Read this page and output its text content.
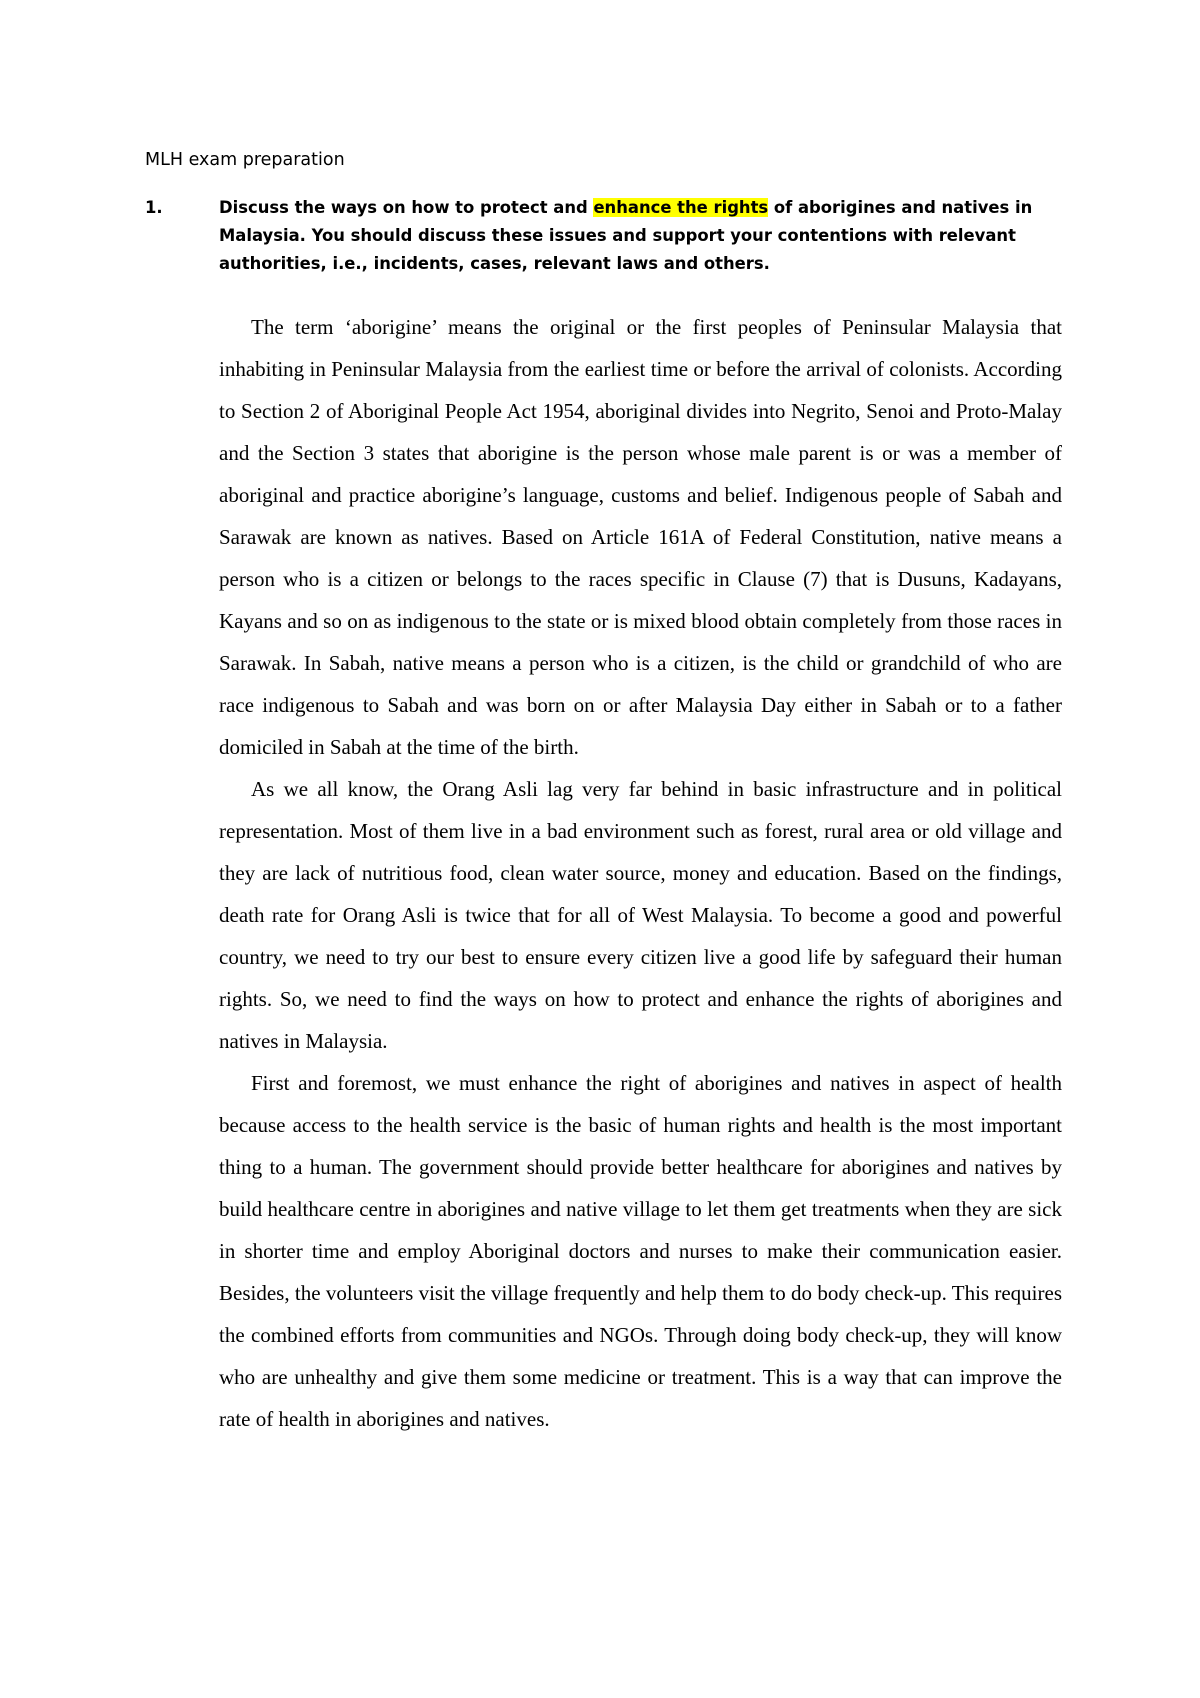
MLH exam preparation
1.	Discuss the ways on how to protect and enhance the rights of aborigines and natives in Malaysia. You should discuss these issues and support your contentions with relevant authorities, i.e., incidents, cases, relevant laws and others.

The term ‘aborigine’ means the original or the first peoples of Peninsular Malaysia that inhabiting in Peninsular Malaysia from the earliest time or before the arrival of colonists. According to Section 2 of Aboriginal People Act 1954, aboriginal divides into Negrito, Senoi and Proto-Malay and the Section 3 states that aborigine is the person whose male parent is or was a member of aboriginal and practice aborigine’s language, customs and belief. Indigenous people of Sabah and Sarawak are known as natives. Based on Article 161A of Federal Constitution, native means a person who is a citizen or belongs to the races specific in Clause (7) that is Dusuns, Kadayans, Kayans and so on as indigenous to the state or is mixed blood obtain completely from those races in Sarawak. In Sabah, native means a person who is a citizen, is the child or grandchild of who are race indigenous to Sabah and was born on or after Malaysia Day either in Sabah or to a father domiciled in Sabah at the time of the birth.

As we all know, the Orang Asli lag very far behind in basic infrastructure and in political representation. Most of them live in a bad environment such as forest, rural area or old village and they are lack of nutritious food, clean water source, money and education. Based on the findings, death rate for Orang Asli is twice that for all of West Malaysia. To become a good and powerful country, we need to try our best to ensure every citizen live a good life by safeguard their human rights. So, we need to find the ways on how to protect and enhance the rights of aborigines and natives in Malaysia.

First and foremost, we must enhance the right of aborigines and natives in aspect of health because access to the health service is the basic of human rights and health is the most important thing to a human. The government should provide better healthcare for aborigines and natives by build healthcare centre in aborigines and native village to let them get treatments when they are sick in shorter time and employ Aboriginal doctors and nurses to make their communication easier. Besides, the volunteers visit the village frequently and help them to do body check-up. This requires the combined efforts from communities and NGOs. Through doing body check-up, they will know who are unhealthy and give them some medicine or treatment. This is a way that can improve the rate of health in aborigines and natives.
